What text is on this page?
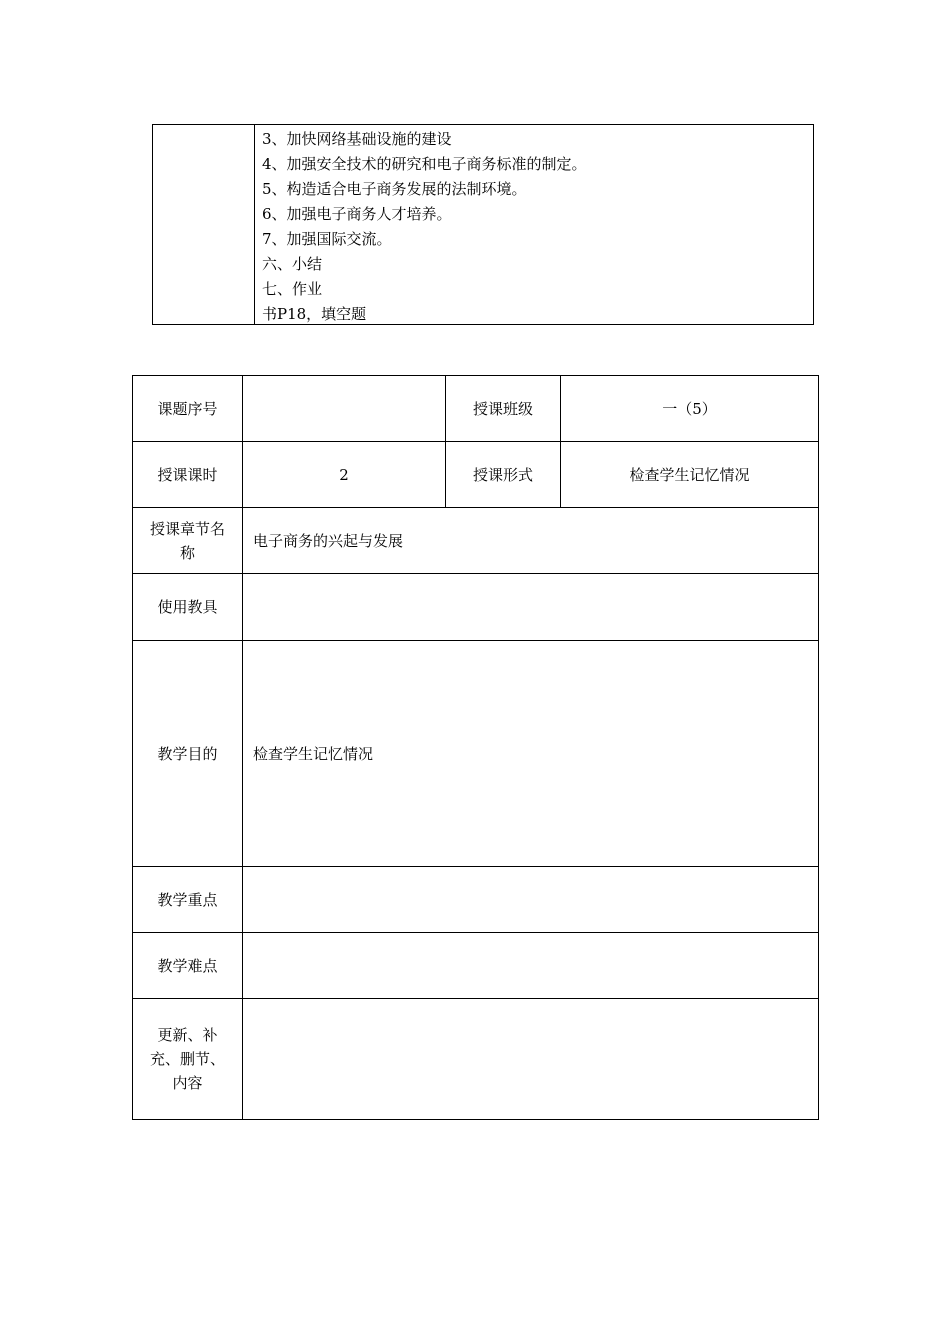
3、加快网络基础设施的建设
4、加强安全技术的研究和电子商务标准的制定。
5、构造适合电子商务发展的法制环境。
6、加强电子商务人才培养。
7、加强国际交流。
六、小结
七、作业
书P18，填空题
课题序号		授课班级	一（5）
授课课时	2	授课形式	检查学生记忆情况
授课章节名称	电子商务的兴起与发展		
使用教具			
教学目的	检查学生记忆情况		
教学重点			
教学难点			
更新、补充、删节、内容			
